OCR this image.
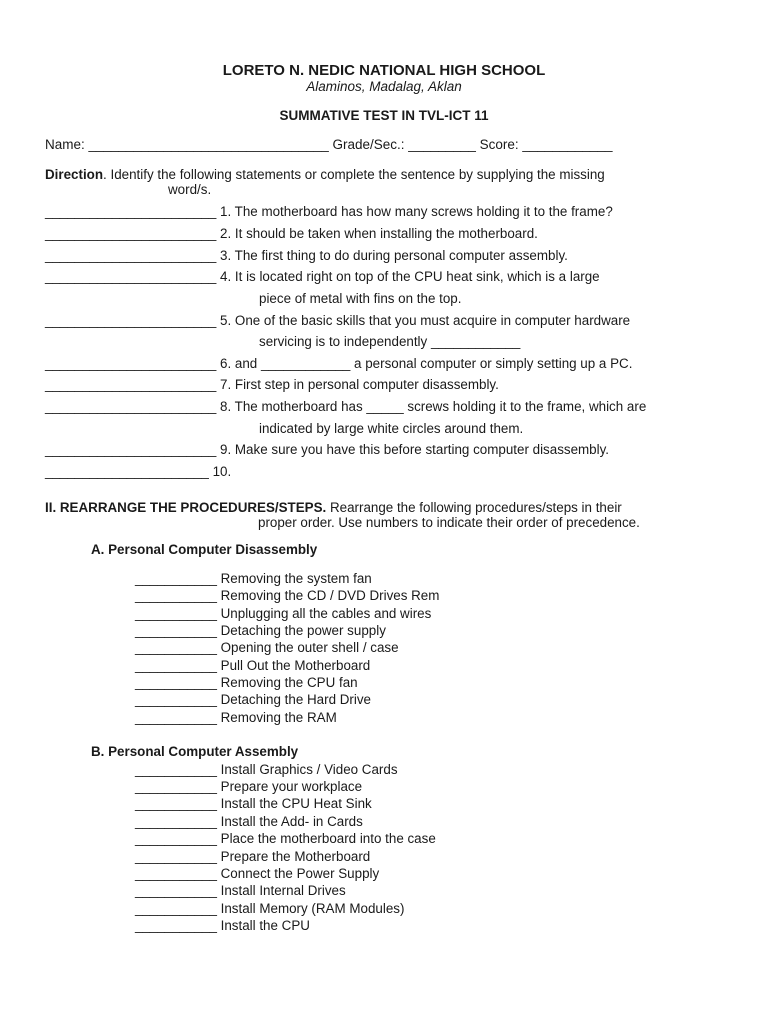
LORETO N. NEDIC NATIONAL HIGH SCHOOL
Alaminos, Madalag, Aklan
SUMMATIVE TEST IN TVL-ICT 11
Name: ________________________________ Grade/Sec.: _________ Score: ____________
Direction. Identify the following statements or complete the sentence by supplying the missing
word/s.
_______________________ 1. The motherboard has how many screws holding it to the frame?
_______________________ 2. It should be taken when installing the motherboard.
_______________________ 3. The first thing to do during personal computer assembly.
_______________________ 4. It is located right on top of the CPU heat sink, which is a large
piece of metal with fins on the top.
_______________________ 5. One of the basic skills that you must acquire in computer hardware
servicing is to independently ____________
_______________________ 6. and ____________ a personal computer or simply setting up a PC.
_______________________ 7. First step in personal computer disassembly.
_______________________ 8. The motherboard has _____ screws holding it to the frame, which are
indicated by large white circles around them.
_______________________ 9. Make sure you have this before starting computer disassembly.
______________________ 10.
II. REARRANGE THE PROCEDURES/STEPS. Rearrange the following procedures/steps in their
proper order. Use numbers to indicate their order of precedence.
A. Personal Computer Disassembly
___________ Removing the system fan
___________ Removing the CD / DVD Drives Rem
___________ Unplugging all the cables and wires
___________ Detaching the power supply
___________ Opening the outer shell / case
___________ Pull Out the Motherboard
___________ Removing the CPU fan
___________ Detaching the Hard Drive
___________ Removing the RAM
B. Personal Computer Assembly
___________ Install Graphics / Video Cards
___________ Prepare your workplace
___________ Install the CPU Heat Sink
___________ Install the Add- in Cards
___________ Place the motherboard into the case
___________ Prepare the Motherboard
___________ Connect the Power Supply
___________ Install Internal Drives
___________ Install Memory (RAM Modules)
___________ Install the CPU
